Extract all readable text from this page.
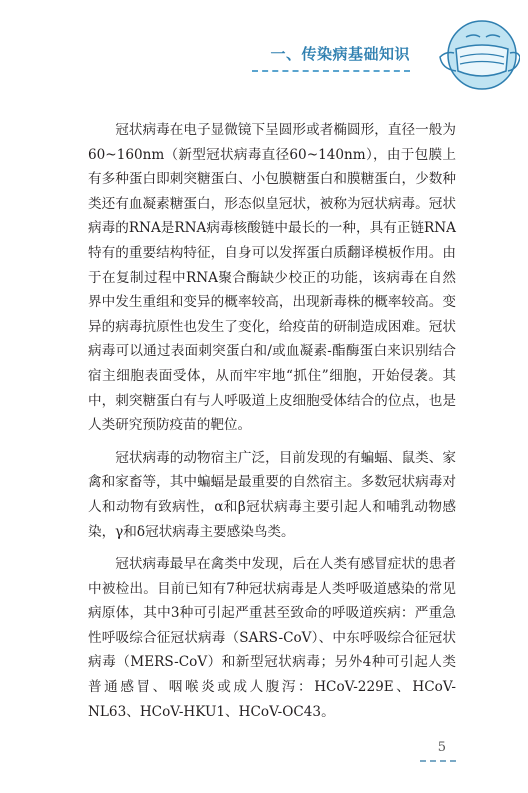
一、传染病基础知识

冠状病毒在电子显微镜下呈圆形或者椭圆形，直径一般为60~160nm（新型冠状病毒直径60~140nm），由于包膜上有多种蛋白即刺突糖蛋白、小包膜糖蛋白和膜糖蛋白，少数种类还有血凝素糖蛋白，形态似皇冠状，被称为冠状病毒。冠状病毒的RNA是RNA病毒核酸链中最长的一种，具有正链RNA特有的重要结构特征，自身可以发挥蛋白质翻译模板作用。由于在复制过程中RNA聚合酶缺少校正的功能，该病毒在自然界中发生重组和变异的概率较高，出现新毒株的概率较高。变异的病毒抗原性也发生了变化，给疫苗的研制造成困难。冠状病毒可以通过表面刺突蛋白和/或血凝素-酯酶蛋白来识别结合宿主细胞表面受体，从而牢牢地“抓住”细胞，开始侵袭。其中，刺突糖蛋白有与人呼吸道上皮细胞受体结合的位点，也是人类研究预防疫苗的靶位。

冠状病毒的动物宿主广泛，目前发现的有蝙蝠、鼠类、家禽和家畜等，其中蝙蝠是最重要的自然宿主。多数冠状病毒对人和动物有致病性，α和β冠状病毒主要引起人和哺乳动物感染，γ和δ冠状病毒主要感染鸟类。

冠状病毒最早在禽类中发现，后在人类有感冒症状的患者中被检出。目前已知有7种冠状病毒是人类呼吸道感染的常见病原体，其中3种可引起严重甚至致命的呼吸道疾病：严重急性呼吸综合征冠状病毒（SARS-CoV）、中东呼吸综合征冠状病毒（MERS-CoV）和新型冠状病毒；另外4种可引起人类普通感冒、咽喉炎或成人腹泻：HCoV-229E、HCoV-NL63、HCoV-HKU1、HCoV-OC43。

5
